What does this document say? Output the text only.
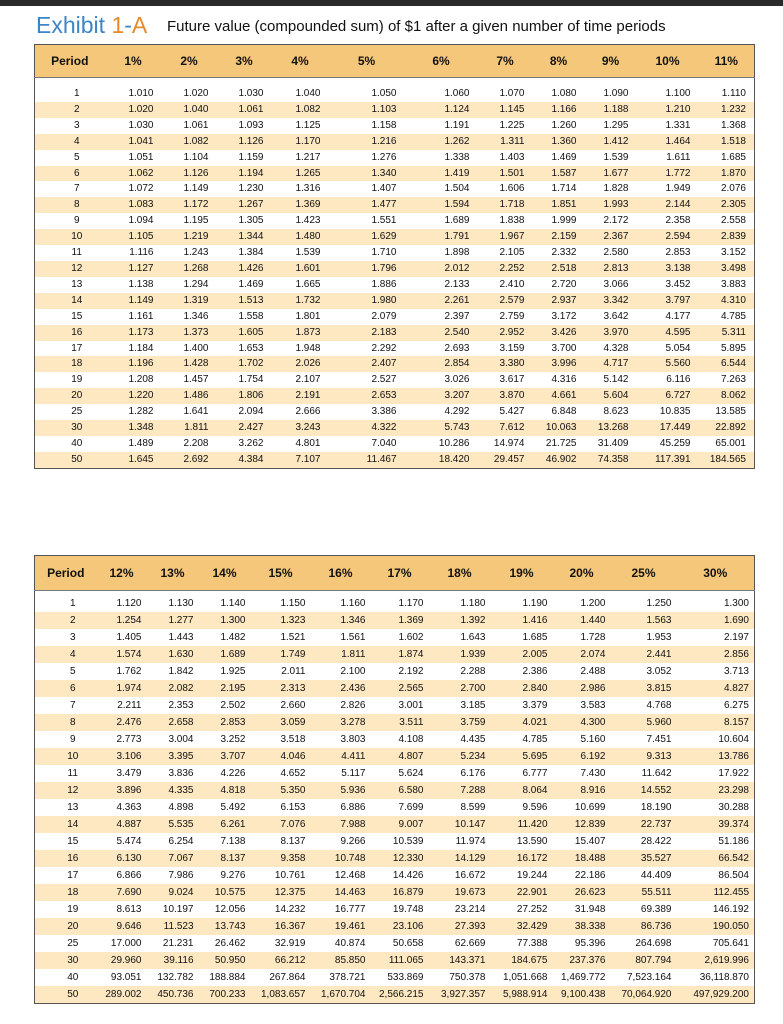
Exhibit 1-A Future value (compounded sum) of $1 after a given number of time periods
Period	1%	2%	3%	4%	5%	6%	7%	8%	9%	10%	11%
1	1.010	1.020	1.030	1.040	1.050	1.060	1.070	1.080	1.090	1.100	1.110
2	1.020	1.040	1.061	1.082	1.103	1.124	1.145	1.166	1.188	1.210	1.232
3	1.030	1.061	1.093	1.125	1.158	1.191	1.225	1.260	1.295	1.331	1.368
4	1.041	1.082	1.126	1.170	1.216	1.262	1.311	1.360	1.412	1.464	1.518
5	1.051	1.104	1.159	1.217	1.276	1.338	1.403	1.469	1.539	1.611	1.685
6	1.062	1.126	1.194	1.265	1.340	1.419	1.501	1.587	1.677	1.772	1.870
7	1.072	1.149	1.230	1.316	1.407	1.504	1.606	1.714	1.828	1.949	2.076
8	1.083	1.172	1.267	1.369	1.477	1.594	1.718	1.851	1.993	2.144	2.305
9	1.094	1.195	1.305	1.423	1.551	1.689	1.838	1.999	2.172	2.358	2.558
10	1.105	1.219	1.344	1.480	1.629	1.791	1.967	2.159	2.367	2.594	2.839
11	1.116	1.243	1.384	1.539	1.710	1.898	2.105	2.332	2.580	2.853	3.152
12	1.127	1.268	1.426	1.601	1.796	2.012	2.252	2.518	2.813	3.138	3.498
13	1.138	1.294	1.469	1.665	1.886	2.133	2.410	2.720	3.066	3.452	3.883
14	1.149	1.319	1.513	1.732	1.980	2.261	2.579	2.937	3.342	3.797	4.310
15	1.161	1.346	1.558	1.801	2.079	2.397	2.759	3.172	3.642	4.177	4.785
16	1.173	1.373	1.605	1.873	2.183	2.540	2.952	3.426	3.970	4.595	5.311
17	1.184	1.400	1.653	1.948	2.292	2.693	3.159	3.700	4.328	5.054	5.895
18	1.196	1.428	1.702	2.026	2.407	2.854	3.380	3.996	4.717	5.560	6.544
19	1.208	1.457	1.754	2.107	2.527	3.026	3.617	4.316	5.142	6.116	7.263
20	1.220	1.486	1.806	2.191	2.653	3.207	3.870	4.661	5.604	6.727	8.062
25	1.282	1.641	2.094	2.666	3.386	4.292	5.427	6.848	8.623	10.835	13.585
30	1.348	1.811	2.427	3.243	4.322	5.743	7.612	10.063	13.268	17.449	22.892
40	1.489	2.208	3.262	4.801	7.040	10.286	14.974	21.725	31.409	45.259	65.001
50	1.645	2.692	4.384	7.107	11.467	18.420	29.457	46.902	74.358	117.391	184.565
Period	12%	13%	14%	15%	16%	17%	18%	19%	20%	25%	30%
1	1.120	1.130	1.140	1.150	1.160	1.170	1.180	1.190	1.200	1.250	1.300
2	1.254	1.277	1.300	1.323	1.346	1.369	1.392	1.416	1.440	1.563	1.690
3	1.405	1.443	1.482	1.521	1.561	1.602	1.643	1.685	1.728	1.953	2.197
4	1.574	1.630	1.689	1.749	1.811	1.874	1.939	2.005	2.074	2.441	2.856
5	1.762	1.842	1.925	2.011	2.100	2.192	2.288	2.386	2.488	3.052	3.713
6	1.974	2.082	2.195	2.313	2.436	2.565	2.700	2.840	2.986	3.815	4.827
7	2.211	2.353	2.502	2.660	2.826	3.001	3.185	3.379	3.583	4.768	6.275
8	2.476	2.658	2.853	3.059	3.278	3.511	3.759	4.021	4.300	5.960	8.157
9	2.773	3.004	3.252	3.518	3.803	4.108	4.435	4.785	5.160	7.451	10.604
10	3.106	3.395	3.707	4.046	4.411	4.807	5.234	5.695	6.192	9.313	13.786
11	3.479	3.836	4.226	4.652	5.117	5.624	6.176	6.777	7.430	11.642	17.922
12	3.896	4.335	4.818	5.350	5.936	6.580	7.288	8.064	8.916	14.552	23.298
13	4.363	4.898	5.492	6.153	6.886	7.699	8.599	9.596	10.699	18.190	30.288
14	4.887	5.535	6.261	7.076	7.988	9.007	10.147	11.420	12.839	22.737	39.374
15	5.474	6.254	7.138	8.137	9.266	10.539	11.974	13.590	15.407	28.422	51.186
16	6.130	7.067	8.137	9.358	10.748	12.330	14.129	16.172	18.488	35.527	66.542
17	6.866	7.986	9.276	10.761	12.468	14.426	16.672	19.244	22.186	44.409	86.504
18	7.690	9.024	10.575	12.375	14.463	16.879	19.673	22.901	26.623	55.511	112.455
19	8.613	10.197	12.056	14.232	16.777	19.748	23.214	27.252	31.948	69.389	146.192
20	9.646	11.523	13.743	16.367	19.461	23.106	27.393	32.429	38.338	86.736	190.050
25	17.000	21.231	26.462	32.919	40.874	50.658	62.669	77.388	95.396	264.698	705.641
30	29.960	39.116	50.950	66.212	85.850	111.065	143.371	184.675	237.376	807.794	2,619.996
40	93.051	132.782	188.884	267.864	378.721	533.869	750.378	1,051.668	1,469.772	7,523.164	36,118.870
50	289.002	450.736	700.233	1,083.657	1,670.704	2,566.215	3,927.357	5,988.914	9,100.438	70,064.920	497,929.200
